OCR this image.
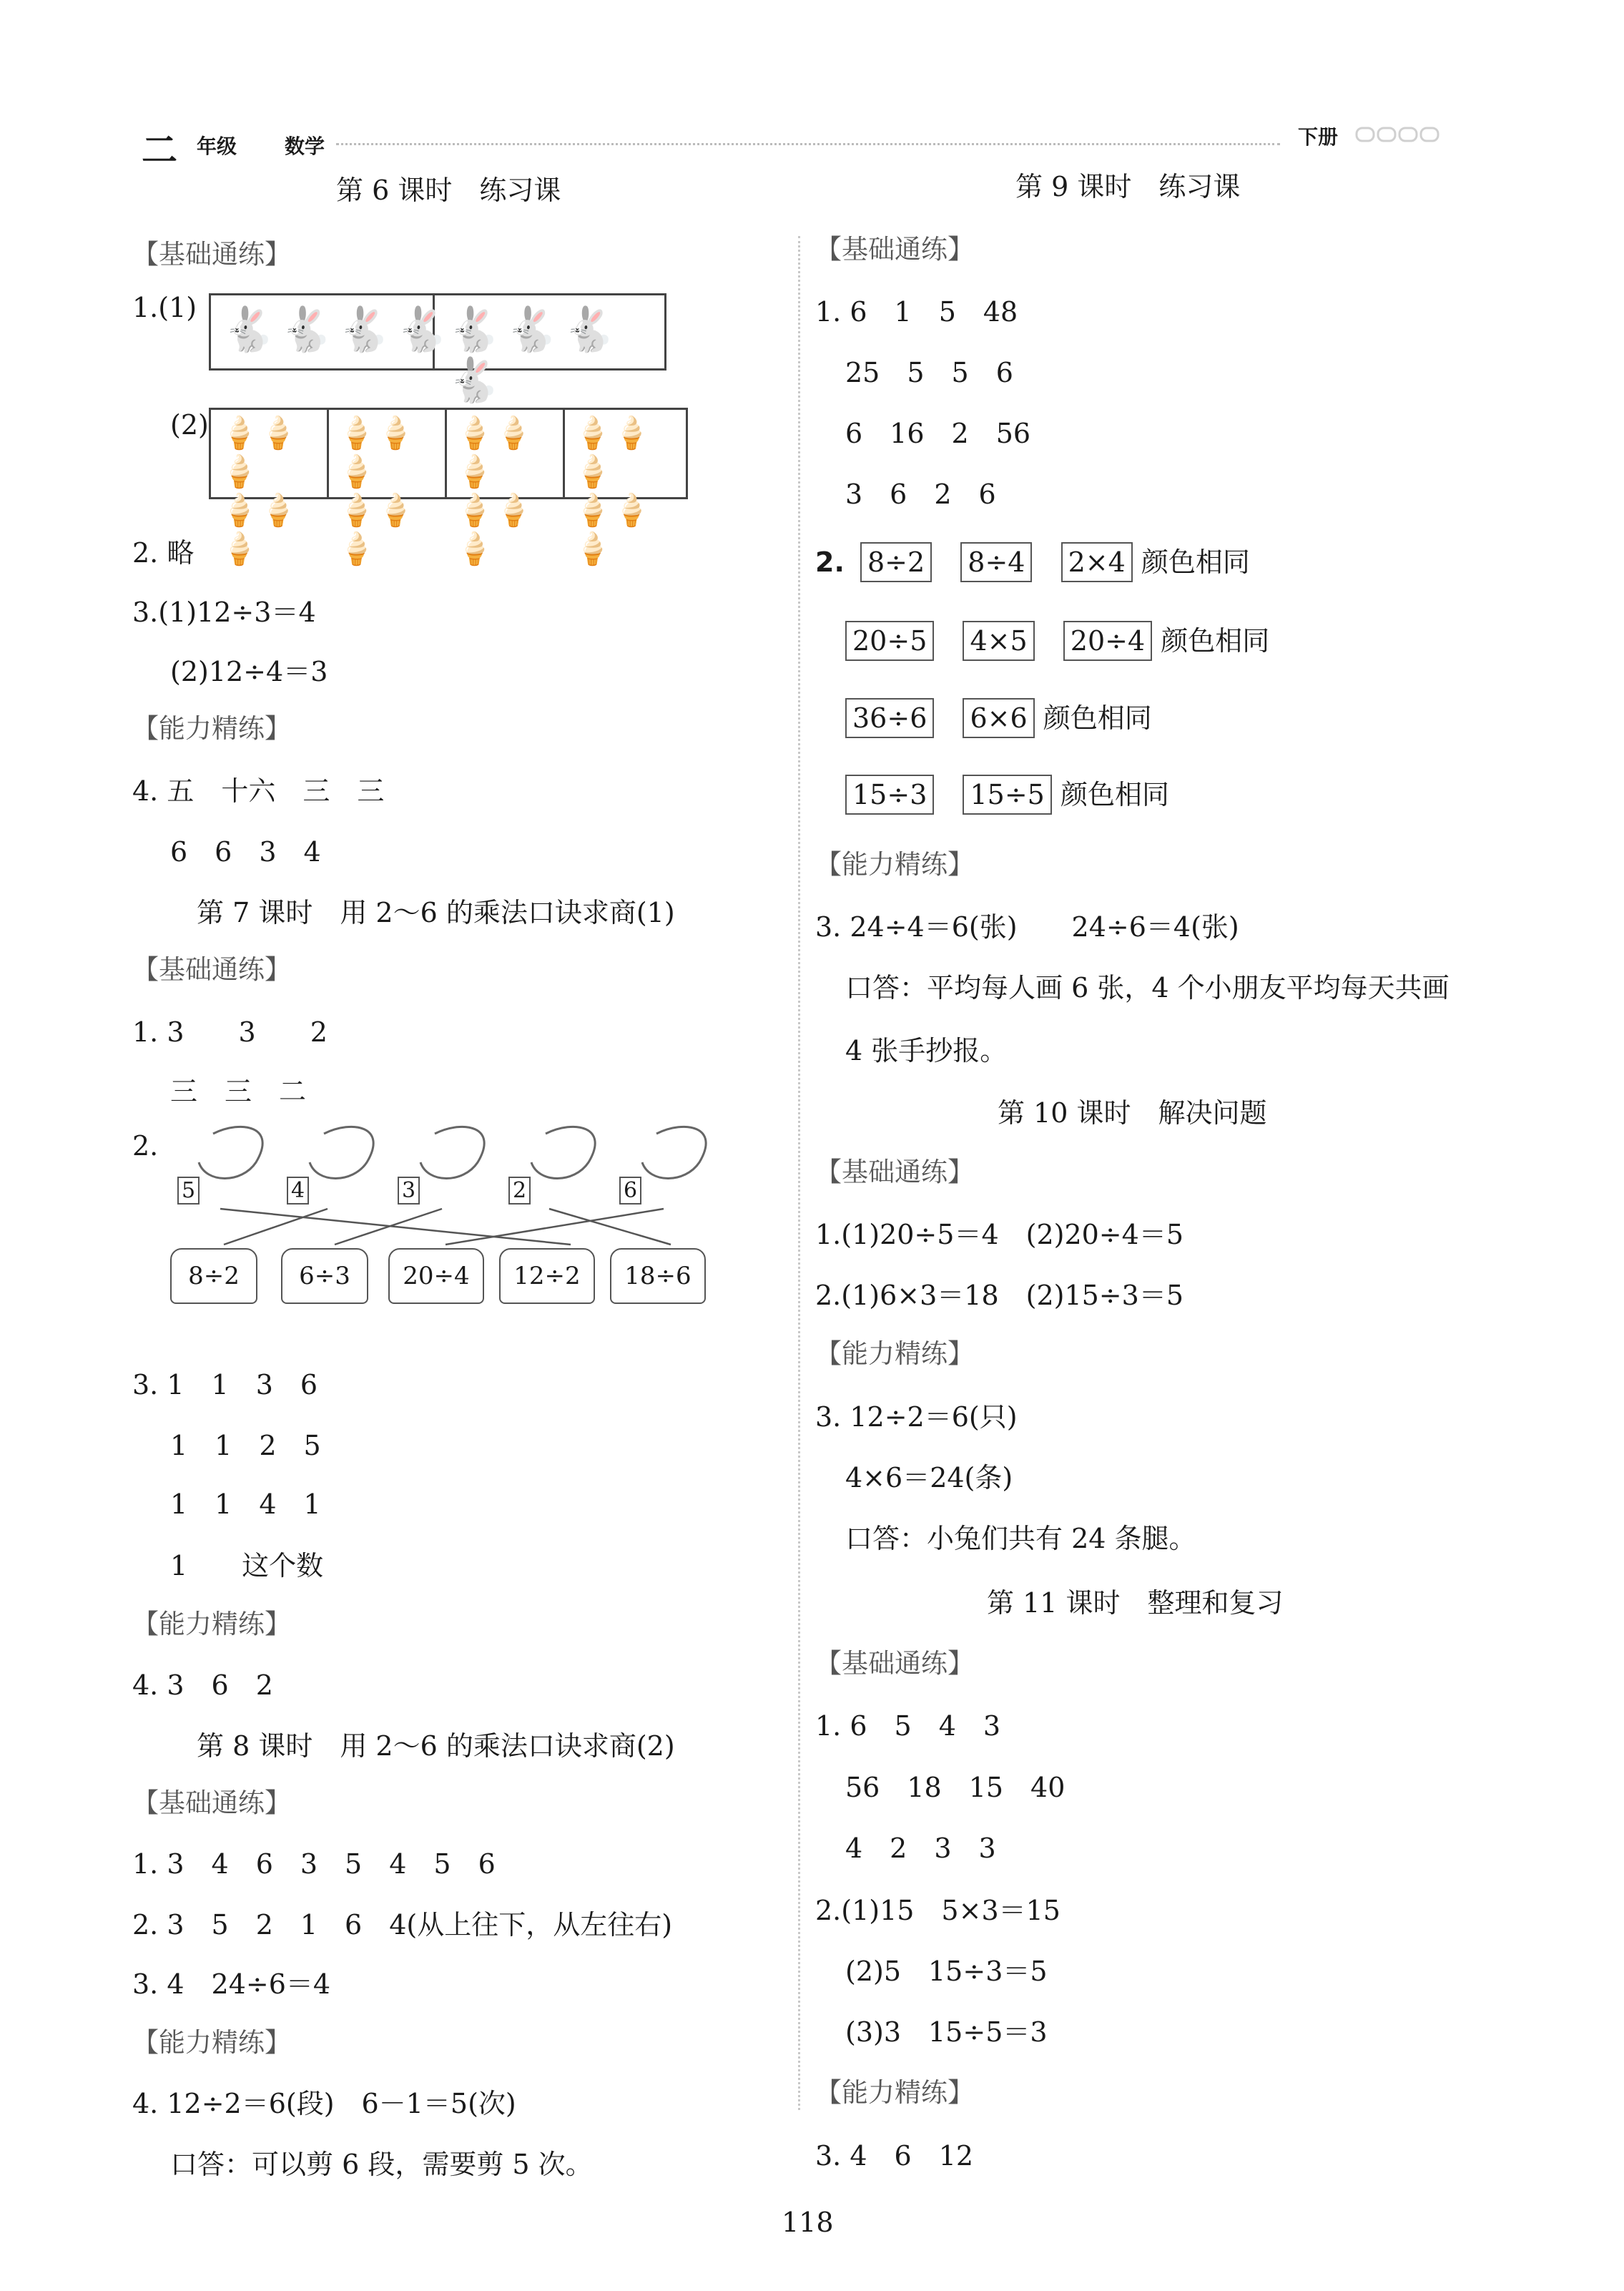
二 年级 数学	下册
第 6 课时　练习课
【基础通练】
1.(1) 🐇🐇🐇🐇
🐇🐇🐇🐇
(2) 🍦🍦🍦
🍦🍦🍦
🍦🍦🍦
🍦🍦🍦
🍦🍦🍦
🍦🍦🍦
🍦🍦🍦
🍦🍦🍦
2. 略
3.(1)12÷3＝4
(2)12÷4＝3
【能力精练】
4. 五　十六　三　三
6　6　3　4
第 7 课时　用 2～6 的乘法口诀求商(1)
【基础通练】
1. 3　　3　　2
三　三　二
2.
5	4	3	2	6
8÷2	6÷3	20÷4	12÷2	18÷6
3. 1　1　3　6
1　1　2　5
1　1　4　1
1　　这个数
【能力精练】
4. 3　6　2
第 8 课时　用 2～6 的乘法口诀求商(2)
【基础通练】
1. 3　4　6　3　5　4　5　6
2. 3　5　2　1　6　4(从上往下，从左往右)
3. 4　24÷6＝4
【能力精练】
4. 12÷2＝6(段)　6－1＝5(次)
口答：可以剪 6 段，需要剪 5 次。
第 9 课时　练习课
【基础通练】
1. 6　1　5　48
25　5　5　6
6　16　2　56
3　6　2　6
2. 8÷2 8÷4 2×4 颜色相同
20÷5 4×5 20÷4 颜色相同
36÷6 6×6 颜色相同
15÷3 15÷5 颜色相同
【能力精练】
3. 24÷4＝6(张)　　24÷6＝4(张)
口答：平均每人画 6 张，4 个小朋友平均每天共画
4 张手抄报。
第 10 课时　解决问题
【基础通练】
1.(1)20÷5＝4　(2)20÷4＝5
2.(1)6×3＝18　(2)15÷3＝5
【能力精练】
3. 12÷2＝6(只)
4×6＝24(条)
口答：小兔们共有 24 条腿。
第 11 课时　整理和复习
【基础通练】
1. 6　5　4　3
56　18　15　40
4　2　3　3
2.(1)15　5×3＝15
(2)5　15÷3＝5
(3)3　15÷5＝3
【能力精练】
3. 4　6　12
118
